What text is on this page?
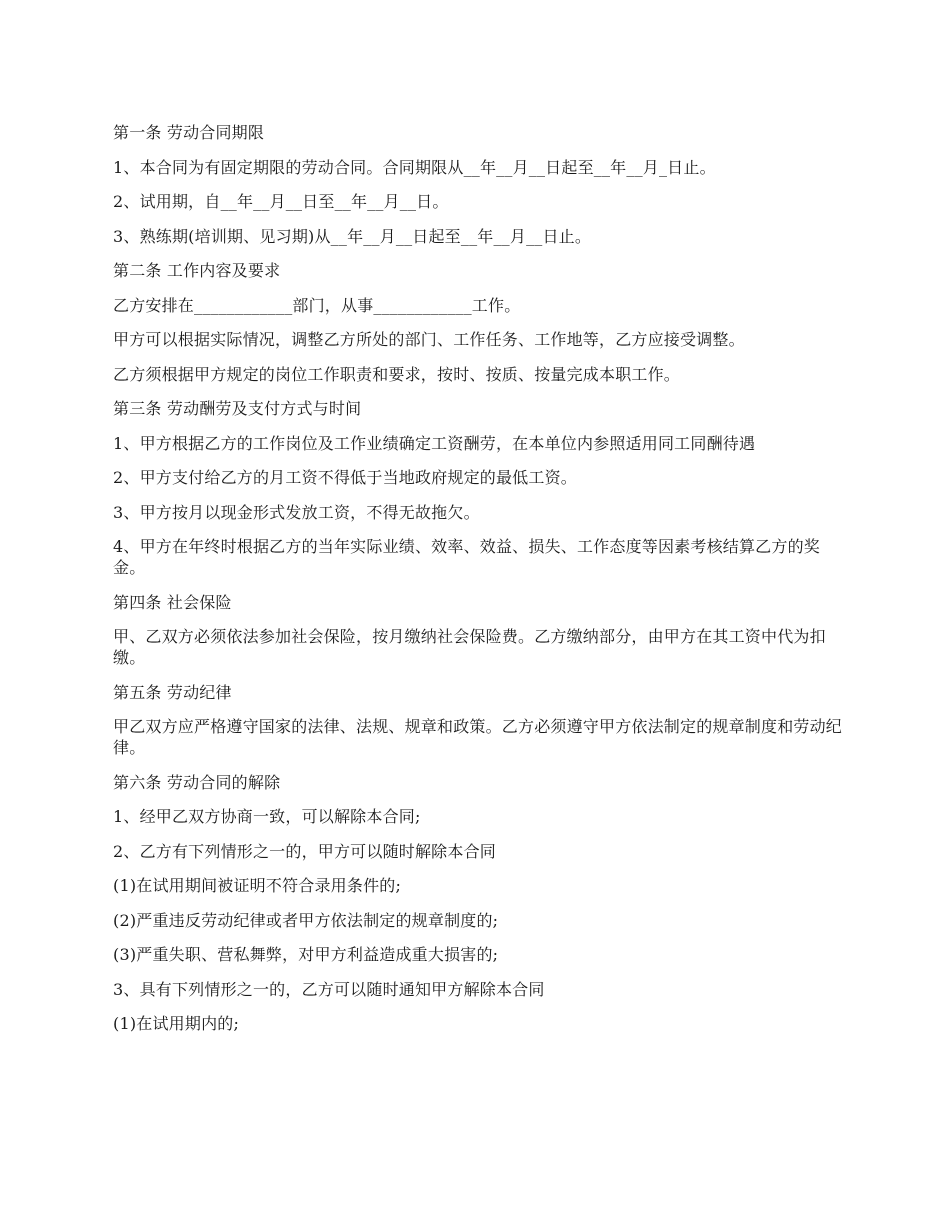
第一条 劳动合同期限

1、本合同为有固定期限的劳动合同。合同期限从__年__月__日起至__年__月_日止。

2、试用期，自__年__月__日至__年__月__日。

3、熟练期(培训期、见习期)从__年__月__日起至__年__月__日止。

第二条 工作内容及要求

乙方安排在____________部门，从事____________工作。

甲方可以根据实际情况，调整乙方所处的部门、工作任务、工作地等，乙方应接受调整。

乙方须根据甲方规定的岗位工作职责和要求，按时、按质、按量完成本职工作。

第三条 劳动酬劳及支付方式与时间

1、甲方根据乙方的工作岗位及工作业绩确定工资酬劳，在本单位内参照适用同工同酬待遇

2、甲方支付给乙方的月工资不得低于当地政府规定的最低工资。

3、甲方按月以现金形式发放工资，不得无故拖欠。

4、甲方在年终时根据乙方的当年实际业绩、效率、效益、损失、工作态度等因素考核结算乙方的奖金。

第四条 社会保险

甲、乙双方必须依法参加社会保险，按月缴纳社会保险费。乙方缴纳部分，由甲方在其工资中代为扣缴。

第五条 劳动纪律

甲乙双方应严格遵守国家的法律、法规、规章和政策。乙方必须遵守甲方依法制定的规章制度和劳动纪律。

第六条 劳动合同的解除

1、经甲乙双方协商一致，可以解除本合同;

2、乙方有下列情形之一的，甲方可以随时解除本合同

(1)在试用期间被证明不符合录用条件的;

(2)严重违反劳动纪律或者甲方依法制定的规章制度的;

(3)严重失职、营私舞弊，对甲方利益造成重大损害的;

3、具有下列情形之一的，乙方可以随时通知甲方解除本合同

(1)在试用期内的;
